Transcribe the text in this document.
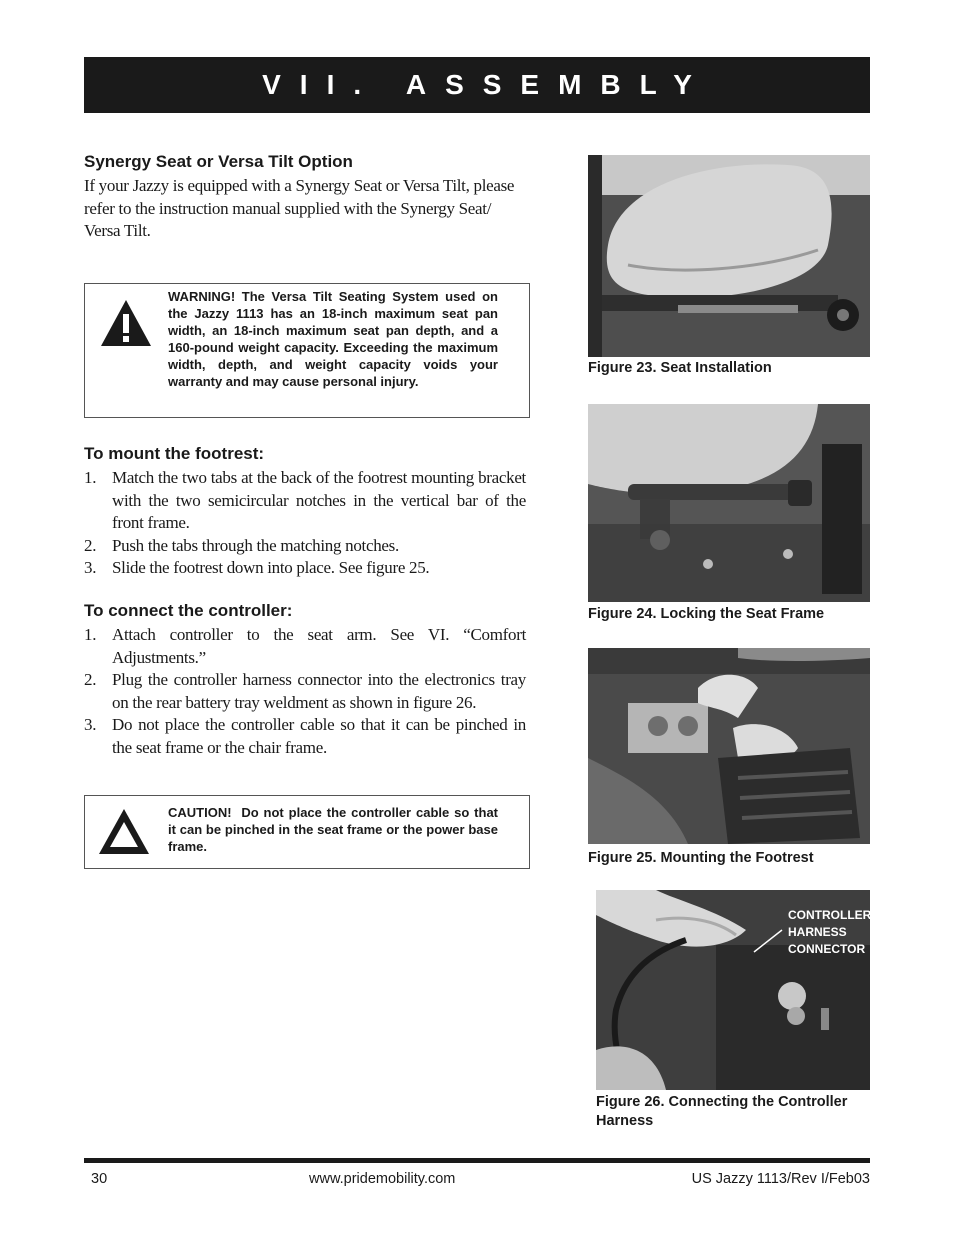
VII. ASSEMBLY
Synergy Seat or Versa Tilt Option
If your Jazzy is equipped with a Synergy Seat or Versa Tilt, please
refer to the instruction manual supplied with the Synergy Seat/
Versa Tilt.
WARNING! The Versa Tilt Seating System used on the Jazzy 1113 has an 18-inch maximum seat pan width, an 18-inch maximum seat pan depth, and a 160-pound weight capacity. Exceeding the maximum width, depth, and weight capacity voids your warranty and may cause personal injury.
To mount the footrest:
1. Match the two tabs at the back of the footrest mounting bracket with the two semicircular notches in the vertical bar of the front frame.
2. Push the tabs through the matching notches.
3. Slide the footrest down into place. See figure 25.
To connect the controller:
1. Attach controller to the seat arm. See VI. “Comfort Adjustments.”
2. Plug the controller harness connector into the electronics tray on the rear battery tray weldment as shown in figure 26.
3. Do not place the controller cable so that it can be pinched in the seat frame or the chair frame.
CAUTION! Do not place the controller cable so that it can be pinched in the seat frame or the power base frame.
Figure 23. Seat Installation
Figure 24. Locking the Seat Frame
Figure 25. Mounting the Footrest
CONTROLLER
HARNESS
CONNECTOR
Figure 26. Connecting the Controller Harness
30	www.pridemobility.com	US Jazzy 1113/Rev I/Feb03
